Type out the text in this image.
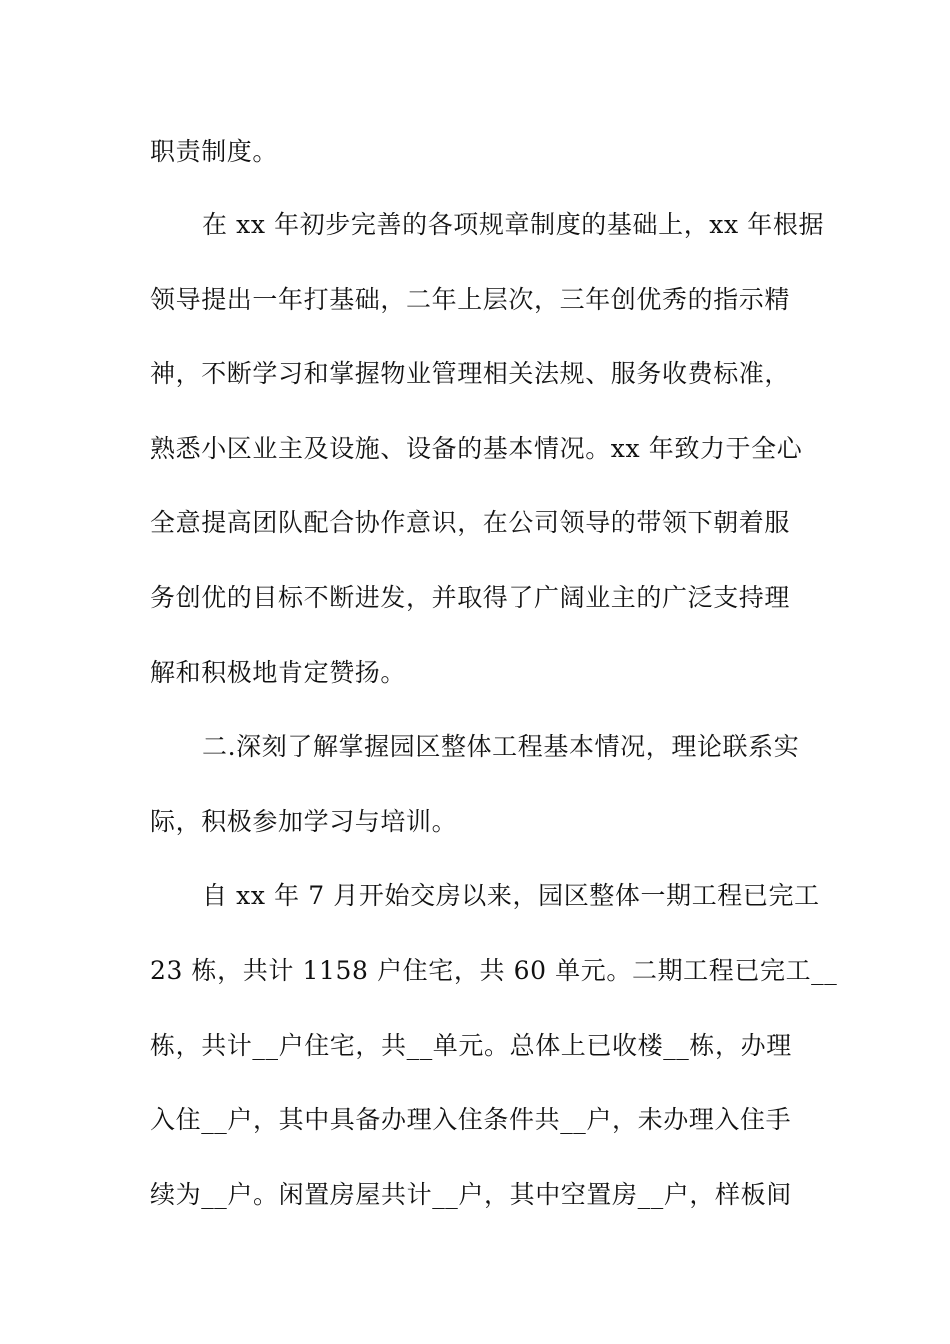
职责制度。
在 xx 年初步完善的各项规章制度的基础上，xx 年根据
领导提出一年打基础，二年上层次，三年创优秀的指示精
神，不断学习和掌握物业管理相关法规、服务收费标准，
熟悉小区业主及设施、设备的基本情况。xx 年致力于全心
全意提高团队配合协作意识，在公司领导的带领下朝着服
务创优的目标不断进发，并取得了广阔业主的广泛支持理
解和积极地肯定赞扬。
二.深刻了解掌握园区整体工程基本情况，理论联系实
际，积极参加学习与培训。
自 xx 年 7 月开始交房以来，园区整体一期工程已完工
23 栋，共计 1158 户住宅，共 60 单元。二期工程已完工__
栋，共计__户住宅，共__单元。总体上已收楼__栋，办理
入住__户，其中具备办理入住条件共__户，未办理入住手
续为__户。闲置房屋共计__户，其中空置房__户，样板间
